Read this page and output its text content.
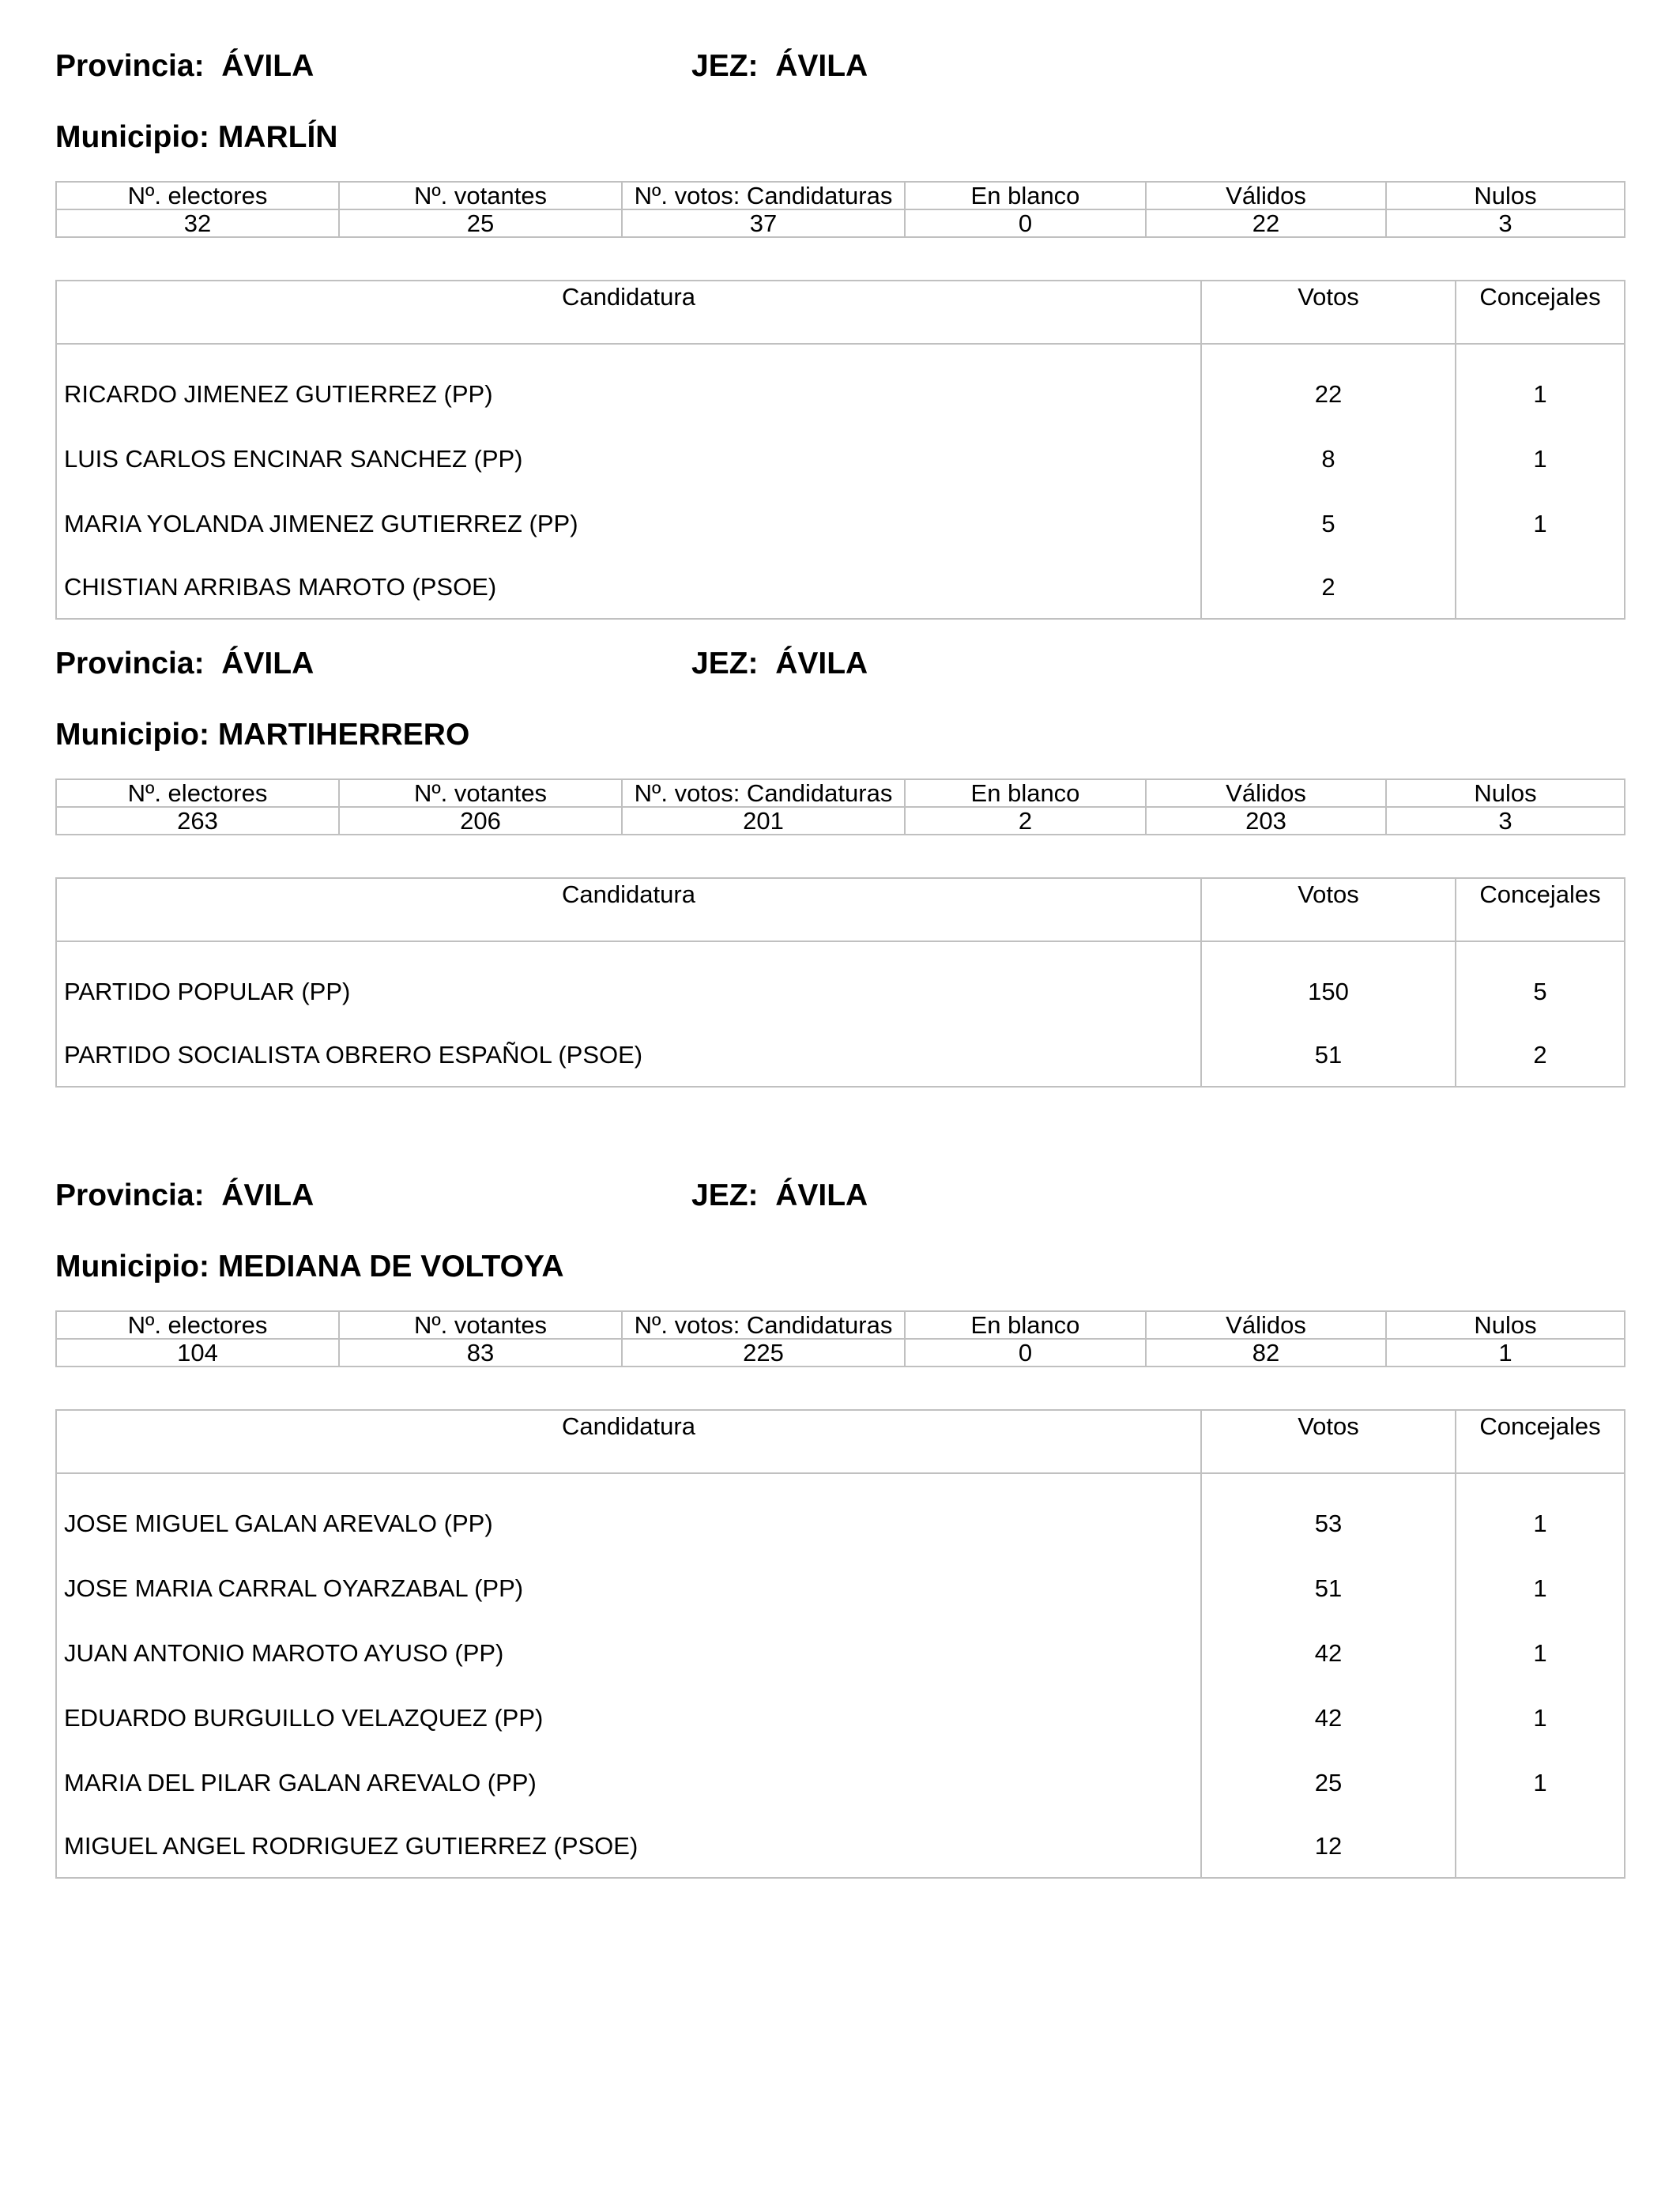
Provincia: ÁVILA	JEZ: ÁVILA
Municipio: MARLÍN
Nº. electores	Nº. votantes	Nº. votos: Candidaturas	En blanco	Válidos	Nulos
32	25	37	0	22	3
Candidatura	Votos	Concejales
RICARDO JIMENEZ GUTIERREZ (PP)	22	1
LUIS CARLOS ENCINAR SANCHEZ (PP)	8	1
MARIA YOLANDA JIMENEZ GUTIERREZ (PP)	5	1
CHISTIAN ARRIBAS MAROTO (PSOE)	2	
Provincia: ÁVILA	JEZ: ÁVILA
Municipio: MARTIHERRERO
Nº. electores	Nº. votantes	Nº. votos: Candidaturas	En blanco	Válidos	Nulos
263	206	201	2	203	3
Candidatura	Votos	Concejales
PARTIDO POPULAR (PP)	150	5
PARTIDO SOCIALISTA OBRERO ESPAÑOL (PSOE)	51	2
Provincia: ÁVILA	JEZ: ÁVILA
Municipio: MEDIANA DE VOLTOYA
Nº. electores	Nº. votantes	Nº. votos: Candidaturas	En blanco	Válidos	Nulos
104	83	225	0	82	1
Candidatura	Votos	Concejales
JOSE MIGUEL GALAN AREVALO (PP)	53	1
JOSE MARIA CARRAL OYARZABAL (PP)	51	1
JUAN ANTONIO MAROTO AYUSO (PP)	42	1
EDUARDO BURGUILLO VELAZQUEZ (PP)	42	1
MARIA DEL PILAR GALAN AREVALO (PP)	25	1
MIGUEL ANGEL RODRIGUEZ GUTIERREZ (PSOE)	12	
